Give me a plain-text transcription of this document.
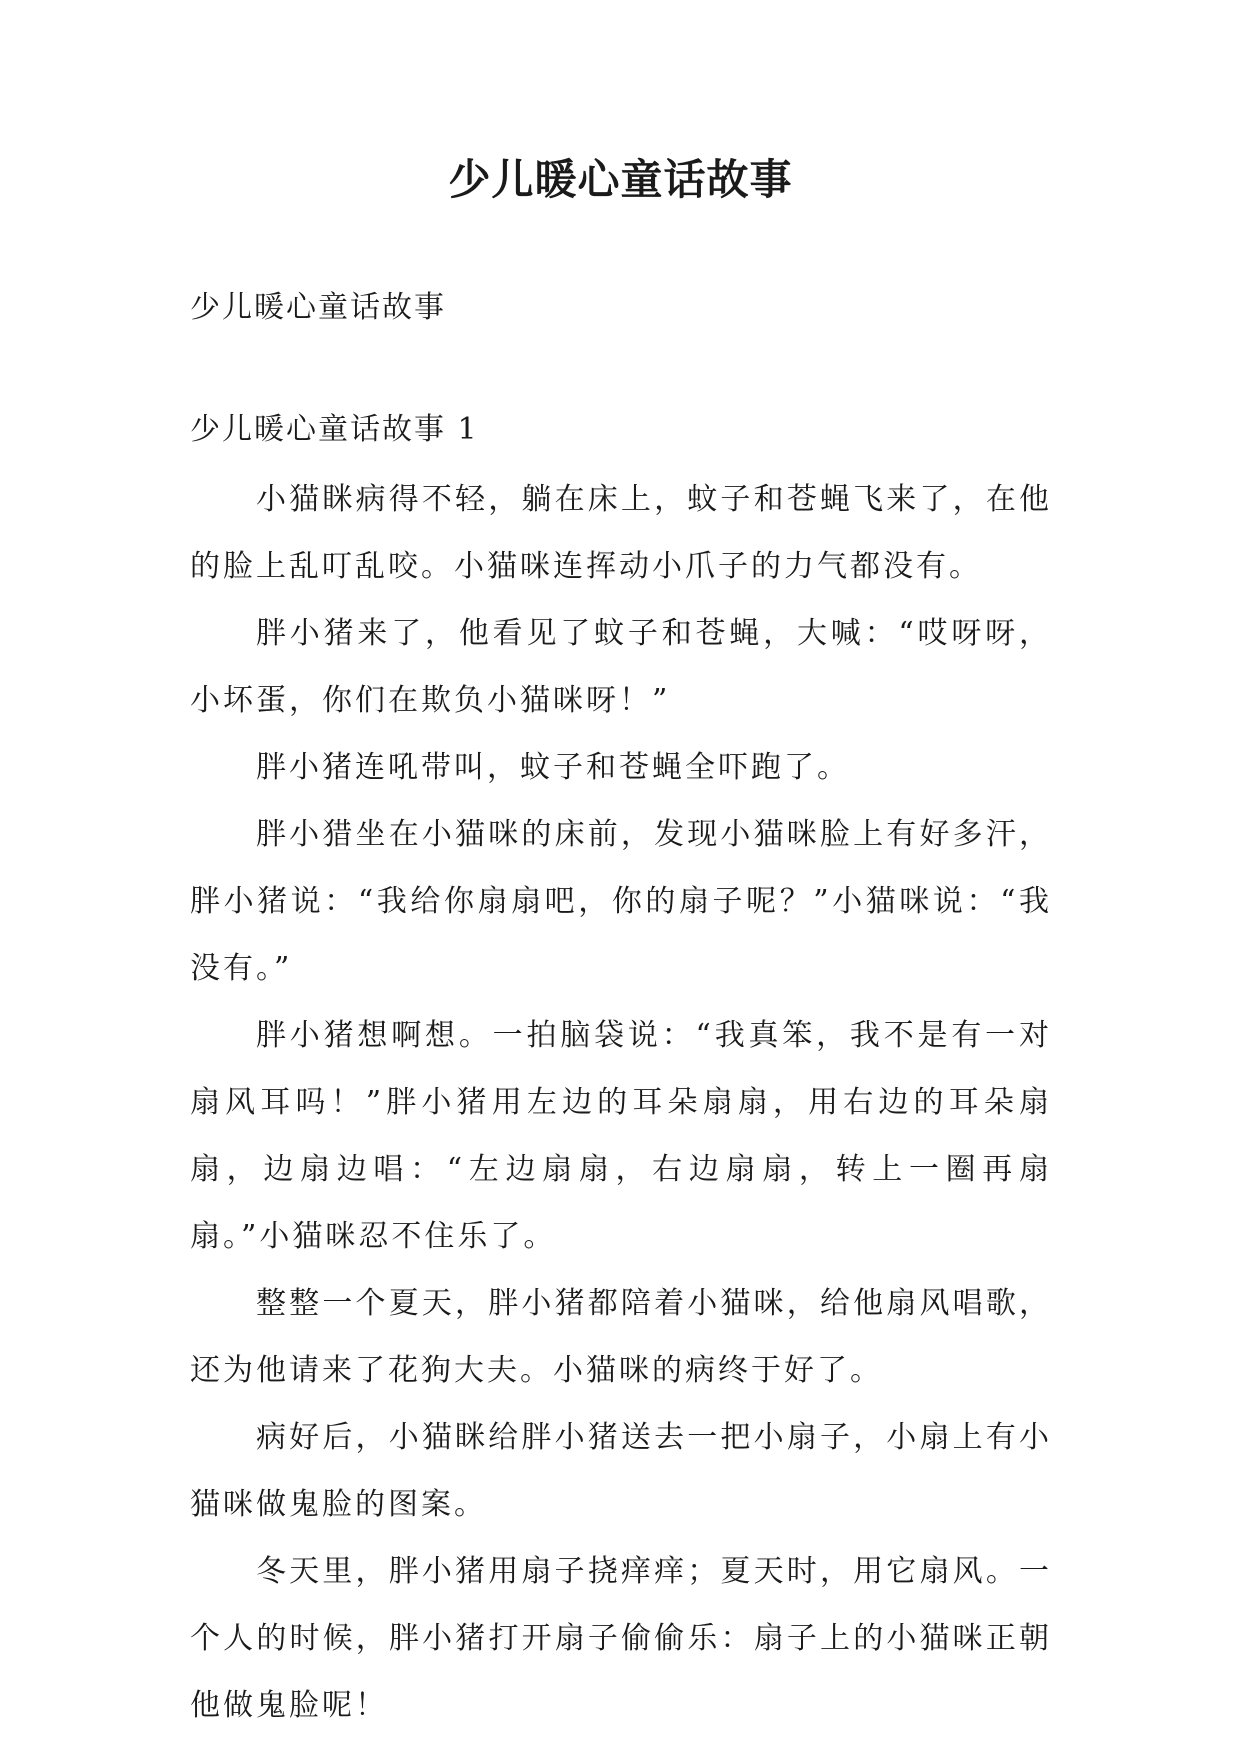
少儿暖心童话故事
少儿暖心童话故事
少儿暖心童话故事 1

小猫眯病得不轻，躺在床上，蚊子和苍蝇飞来了，在他的脸上乱叮乱咬。小猫咪连挥动小爪子的力气都没有。

胖小猪来了，他看见了蚊子和苍蝇，大喊：“哎呀呀，小坏蛋，你们在欺负小猫咪呀！”

胖小猪连吼带叫，蚊子和苍蝇全吓跑了。

胖小猎坐在小猫咪的床前，发现小猫咪脸上有好多汗，胖小猪说：“我给你扇扇吧，你的扇子呢？”小猫咪说：“我没有。”

胖小猪想啊想。一拍脑袋说：“我真笨，我不是有一对扇风耳吗！”胖小猪用左边的耳朵扇扇，用右边的耳朵扇扇，边扇边唱：“左边扇扇，右边扇扇，转上一圈再扇扇。”小猫咪忍不住乐了。

整整一个夏天，胖小猪都陪着小猫咪，给他扇风唱歌，还为他请来了花狗大夫。小猫咪的病终于好了。

病好后，小猫眯给胖小猪送去一把小扇子，小扇上有小猫咪做鬼脸的图案。

冬天里，胖小猪用扇子挠痒痒；夏天时，用它扇风。一个人的时候，胖小猪打开扇子偷偷乐：扇子上的小猫咪正朝他做鬼脸呢！
